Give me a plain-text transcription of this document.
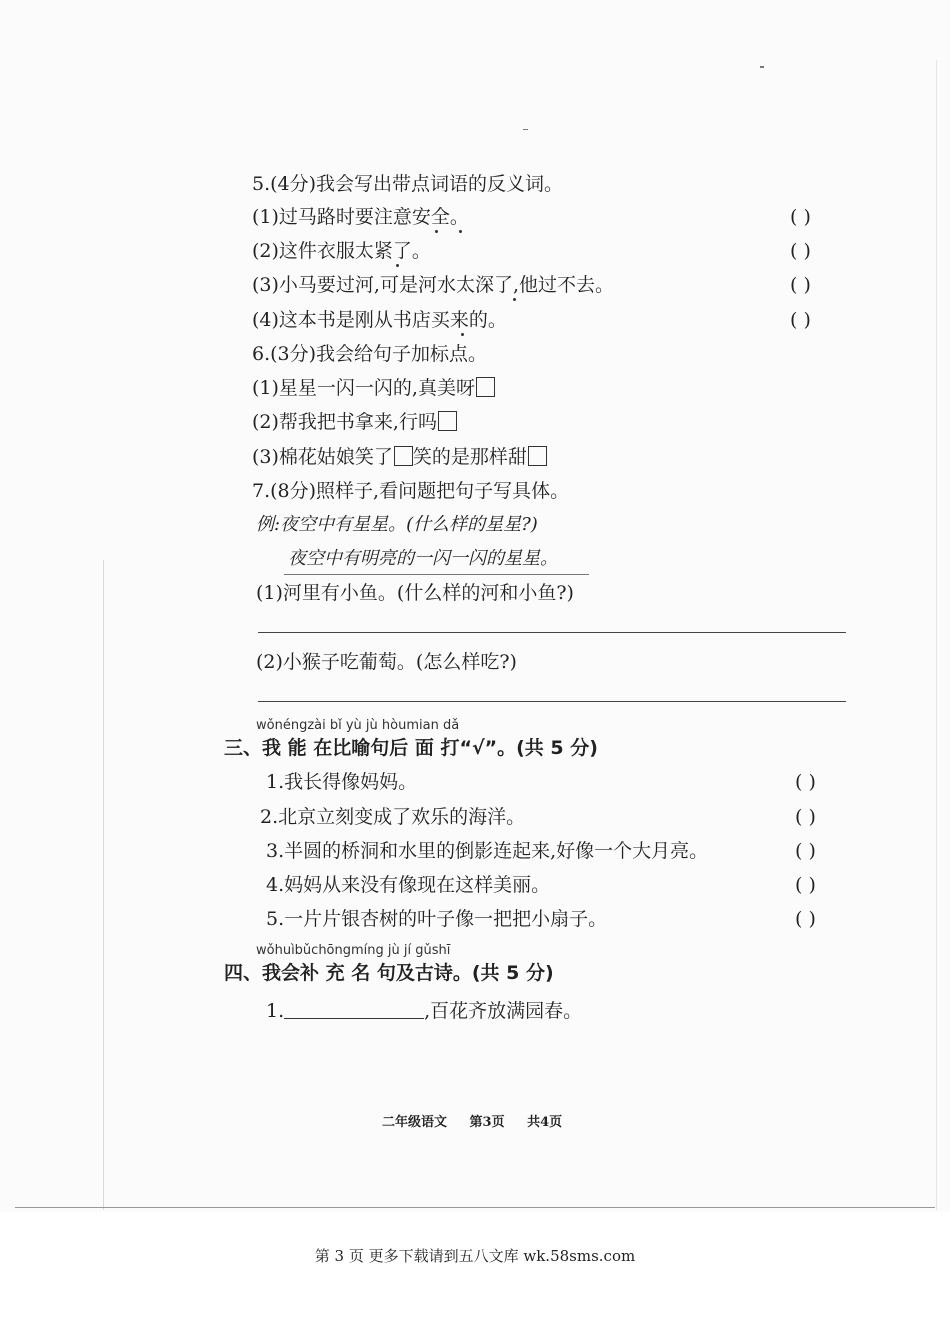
5.(4分)我会写出带点词语的反义词。
(1)过马路时要注意安全。	( )
(2)这件衣服太紧了。	( )
(3)小马要过河,可是河水太深了,他过不去。	( )
(4)这本书是刚从书店买来的。	( )
6.(3分)我会给句子加标点。
(1)星星一闪一闪的,真美呀
(2)帮我把书拿来,行吗
(3)棉花姑娘笑了 笑的是那样甜
7.(8分)照样子,看问题把句子写具体。
例:夜空中有星星。(什么样的星星?)
夜空中有明亮的一闪一闪的星星。
(1)河里有小鱼。(什么样的河和小鱼?)
(2)小猴子吃葡萄。(怎么样吃?)
wǒnéngzài bǐ yù jù hòumian dǎ
三、我 能 在比喻句后 面 打“√”。(共 5 分)
1.我长得像妈妈。	( )
2.北京立刻变成了欢乐的海洋。	( )
3.半圆的桥洞和水里的倒影连起来,好像一个大月亮。	( )
4.妈妈从来没有像现在这样美丽。	( )
5.一片片银杏树的叶子像一把把小扇子。	( )
wǒhuìbǔchōngmíng jù jí gǔshī
四、我会补 充 名 句及古诗。(共 5 分)
1.	,百花齐放满园春。
二年级语文 第3页 共4页
第 3 页 更多下载请到五八文库 wk.58sms.com
